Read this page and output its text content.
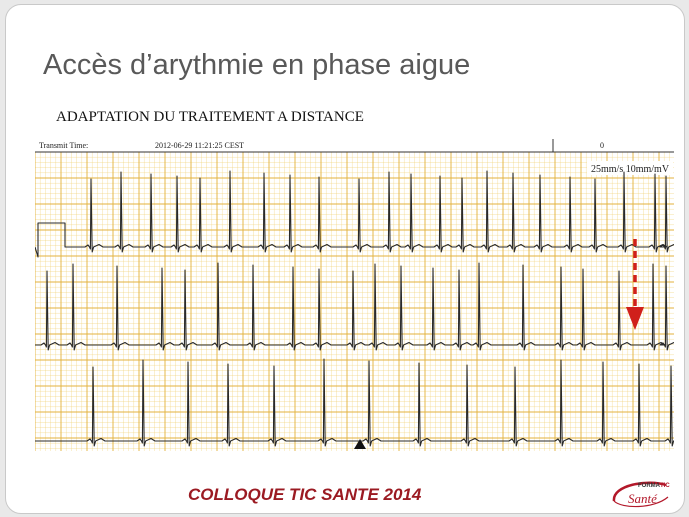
Accès d’arythmie en phase aigue
ADAPTATION DU TRAITEMENT A DISTANCE
Transmit Time:	2012-06-29 11:21:25 CEST	0
25mm/s 10mm/mV
COLLOQUE TIC SANTE 2014	FORMA TIC
Santé
